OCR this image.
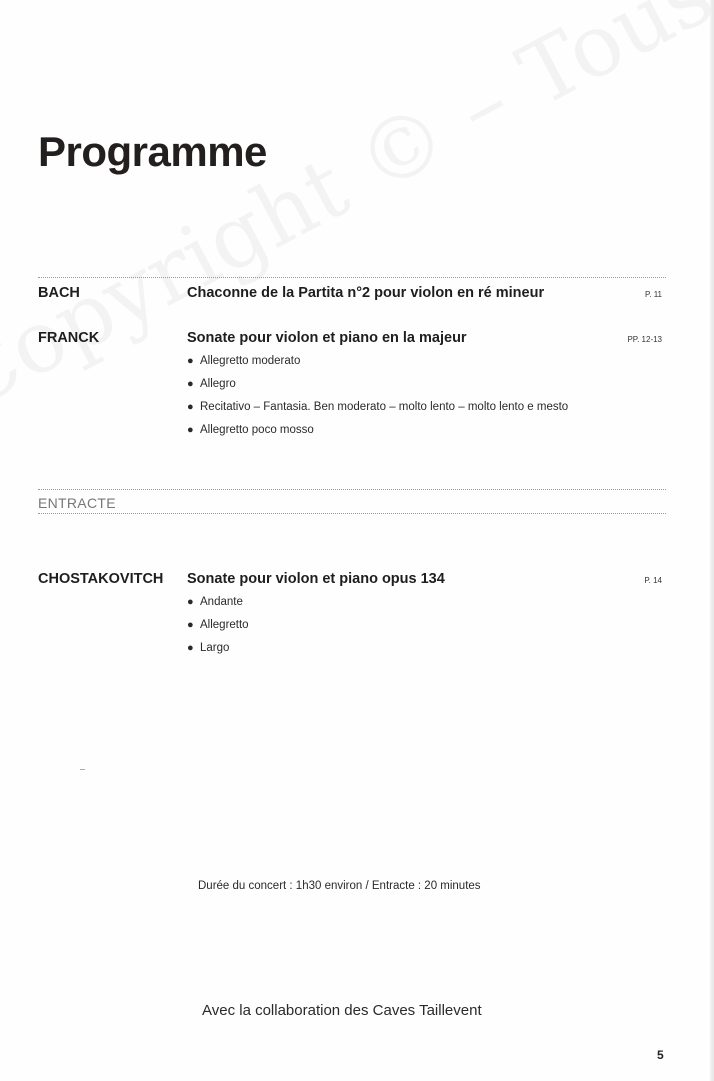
Programme
BACH	Chaconne de la Partita n°2 pour violon en ré mineur	P. 11
FRANCK	Sonate pour violon et piano en la majeur	PP. 12-13
● Allegretto moderato
● Allegro
● Recitativo – Fantasia. Ben moderato – molto lento – molto lento e mesto
● Allegretto poco mosso
ENTRACTE
CHOSTAKOVITCH Sonate pour violon et piano opus 134	P. 14
● Andante
● Allegretto
● Largo
Durée du concert : 1h30 environ / Entracte : 20 minutes
Avec la collaboration des Caves Taillevent
5
